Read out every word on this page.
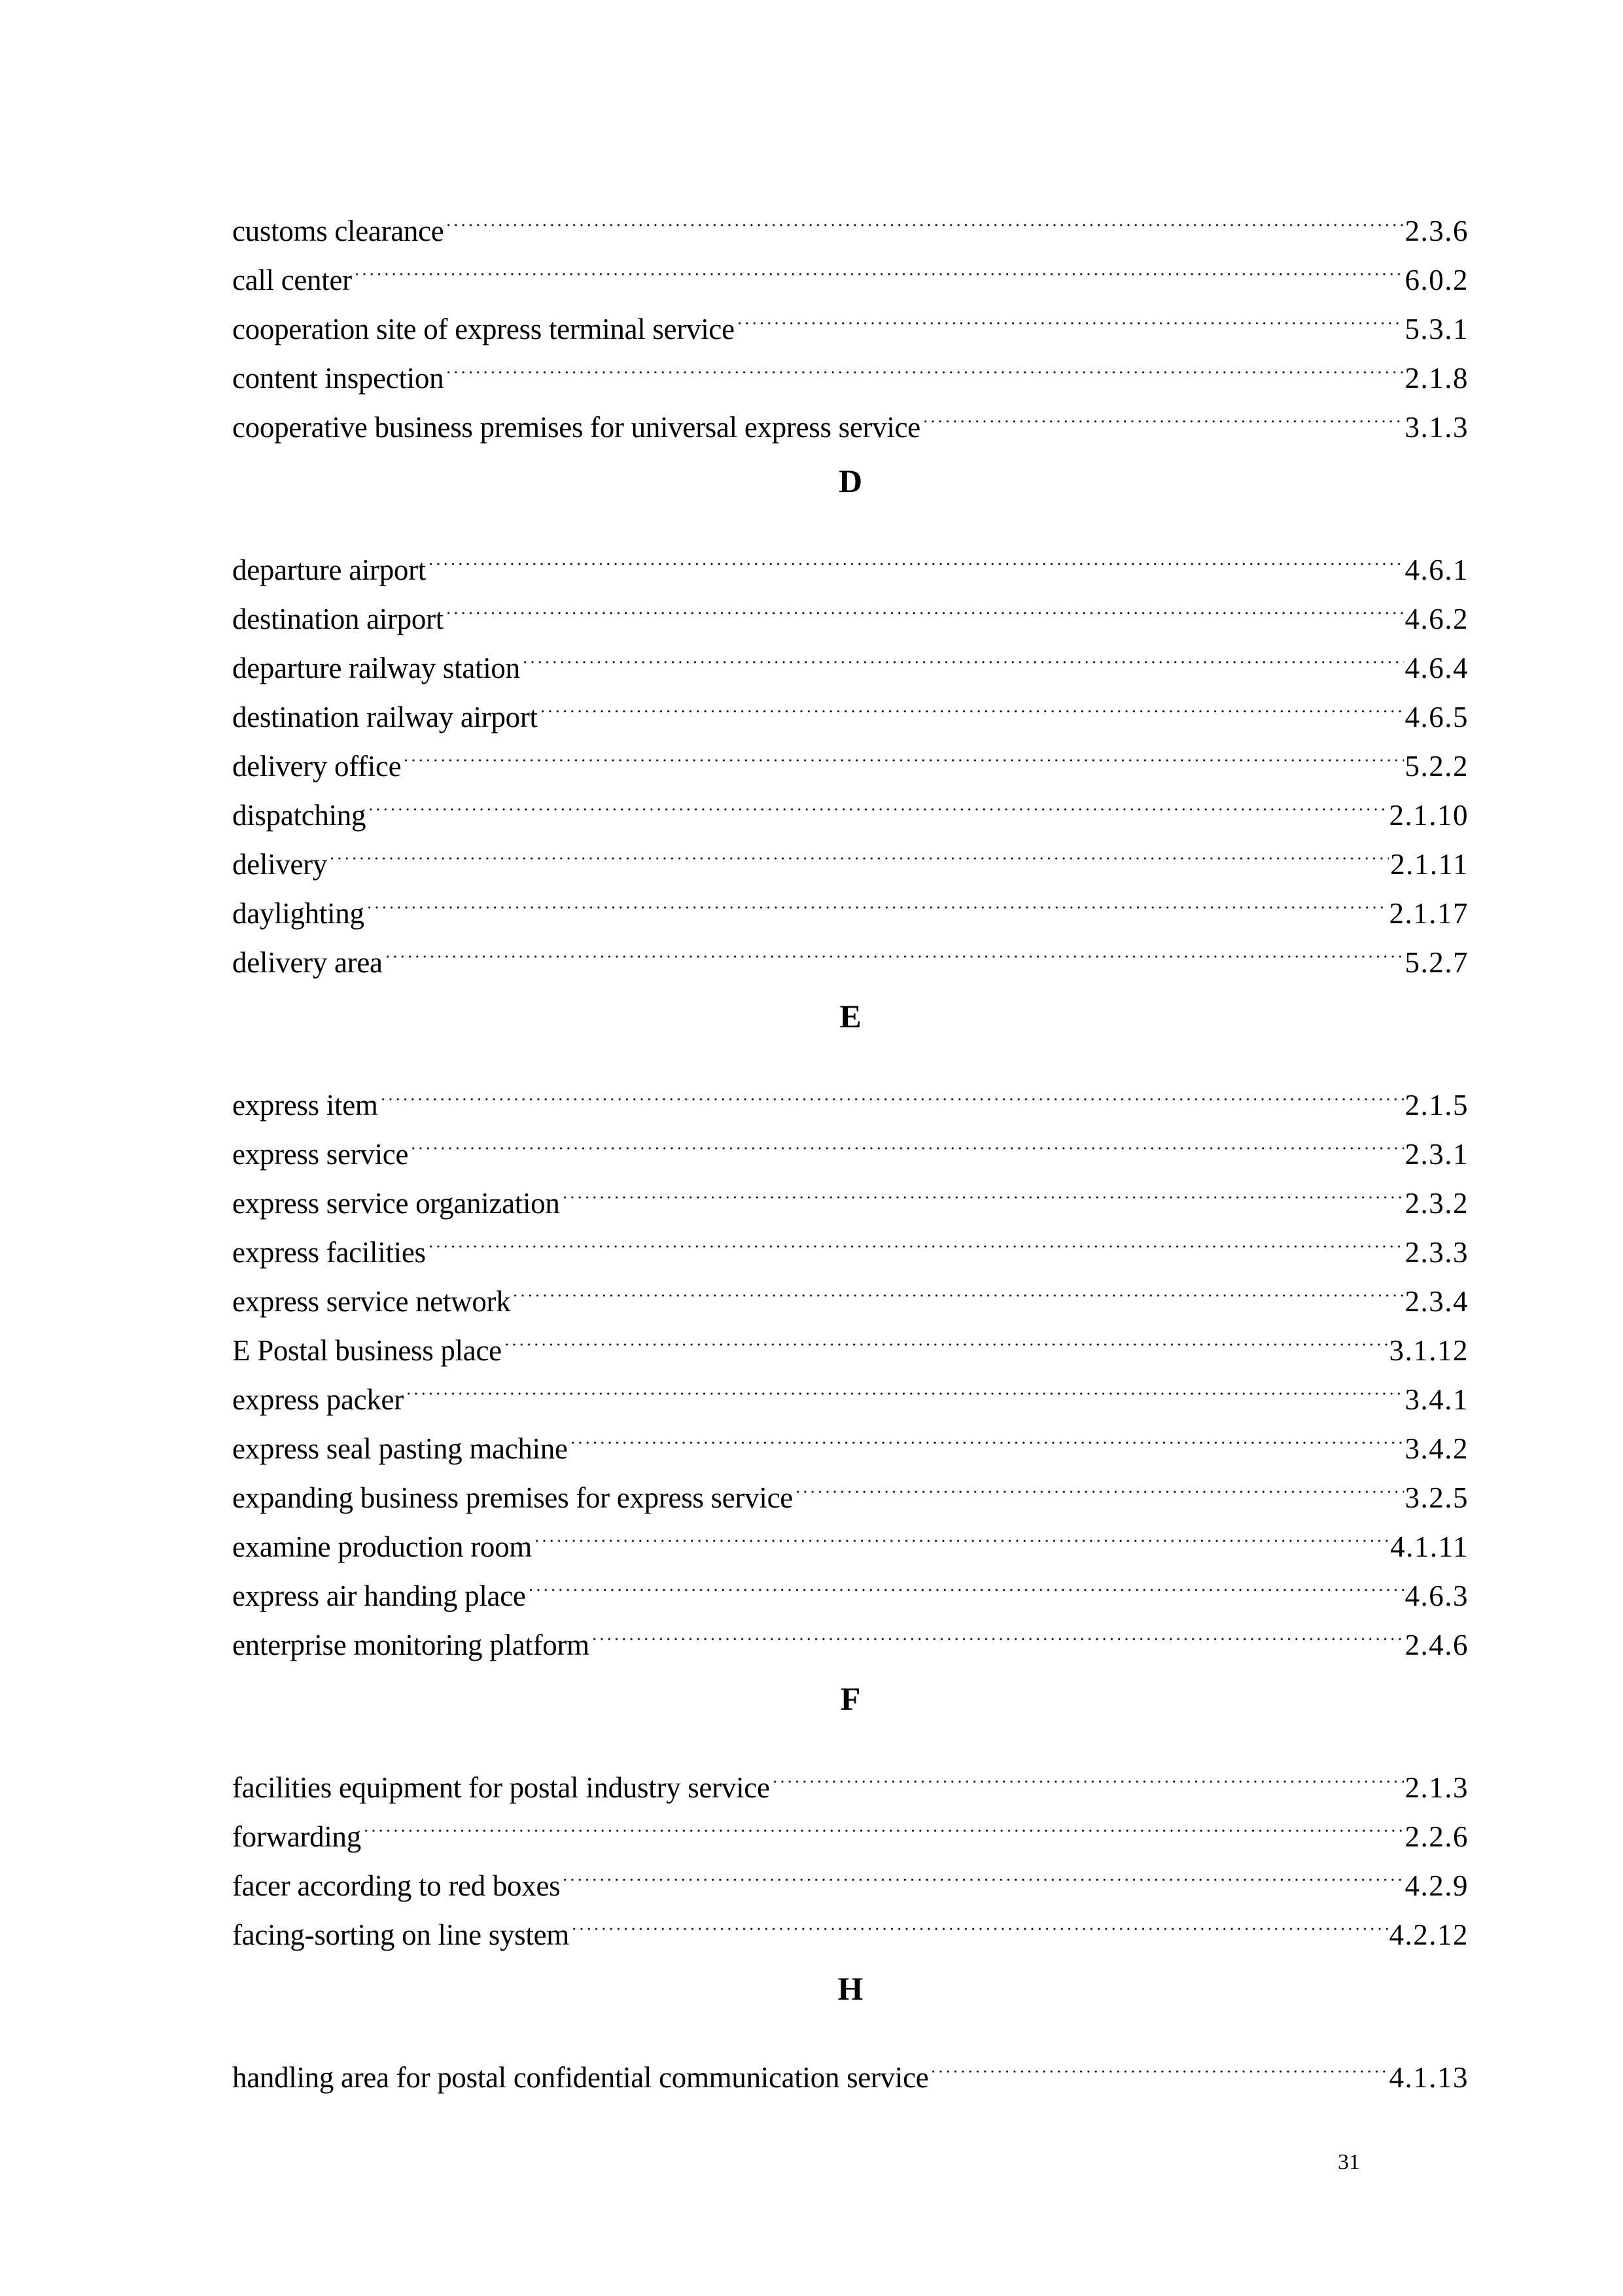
customs clearance	2.3.6
call center	6.0.2
cooperation site of express terminal service	5.3.1
content inspection	2.1.8
cooperative business premises for universal express service	3.1.3
D
departure airport	4.6.1
destination airport	4.6.2
departure railway station	4.6.4
destination railway airport	4.6.5
delivery office	5.2.2
dispatching	2.1.10
delivery	2.1.11
daylighting	2.1.17
delivery area	5.2.7
E
express item	2.1.5
express service	2.3.1
express service organization	2.3.2
express facilities	2.3.3
express service network	2.3.4
E Postal business place	3.1.12
express packer	3.4.1
express seal pasting machine	3.4.2
expanding business premises for express service	3.2.5
examine production room	4.1.11
express air handing place	4.6.3
enterprise monitoring platform	2.4.6
F
facilities equipment for postal industry service	2.1.3
forwarding	2.2.6
facer according to red boxes	4.2.9
facing-sorting on line system	4.2.12
H
handling area for postal confidential communication service	4.1.13
31
